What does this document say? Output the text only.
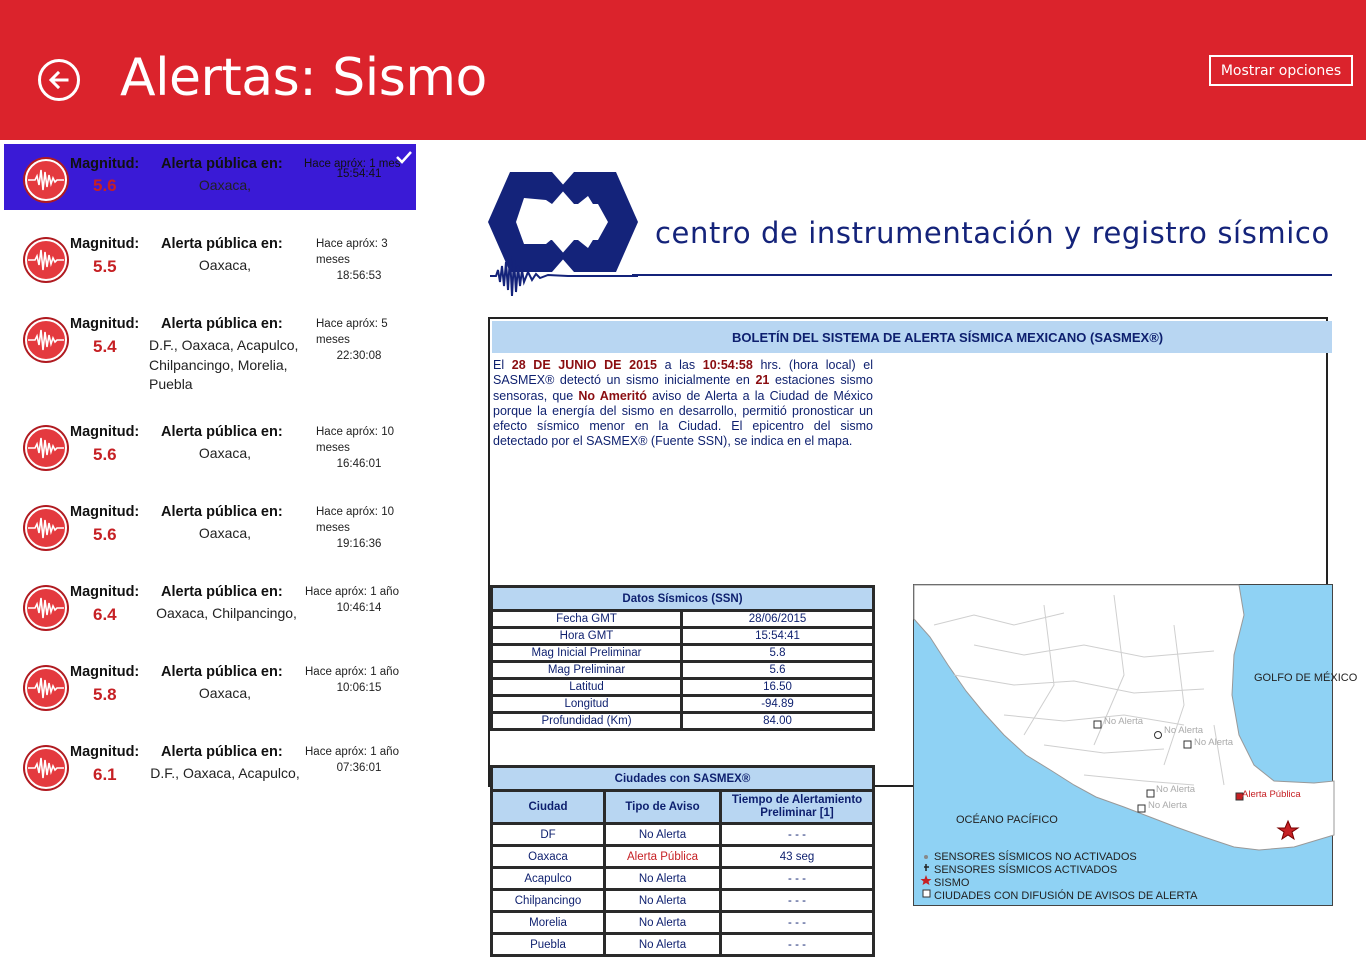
Alertas: Sismo	Mostrar opciones
Magnitud:
5.6
Alerta pública en:
Oaxaca,
Hace apróx: 1 mes
15:54:41
Magnitud:
5.5
Alerta pública en:
Oaxaca,
Hace apróx: 3 meses
18:56:53
Magnitud:
5.4
Alerta pública en:
D.F., Oaxaca, Acapulco, Chilpancingo, Morelia, Puebla
Hace apróx: 5 meses
22:30:08
Magnitud:
5.6
Alerta pública en:
Oaxaca,
Hace apróx: 10 meses
16:46:01
Magnitud:
5.6
Alerta pública en:
Oaxaca,
Hace apróx: 10 meses
19:16:36
Magnitud:
6.4
Alerta pública en:
Oaxaca, Chilpancingo,
Hace apróx: 1 año
10:46:14
Magnitud:
5.8
Alerta pública en:
Oaxaca,
Hace apróx: 1 año
10:06:15
Magnitud:
6.1
Alerta pública en:
D.F., Oaxaca, Acapulco,
Hace apróx: 1 año
07:36:01
centro de instrumentación y registro sísmico
BOLETÍN DEL SISTEMA DE ALERTA SÍSMICA MEXICANO (SASMEX®)
El 28 DE JUNIO DE 2015 a las 10:54:58 hrs. (hora local) el SASMEX® detectó un sismo inicialmente en 21 estaciones sismo sensoras, que No Ameritó aviso de Alerta a la Ciudad de México porque la energía del sismo en desarrollo, permitió pronosticar un efecto sísmico menor en la Ciudad. El epicentro del sismo detectado por el SASMEX® (Fuente SSN), se indica en el mapa.
Datos Sísmicos (SSN)	
Fecha GMT	28/06/2015
Hora GMT	15:54:41
Mag Inicial Preliminar	5.8
Mag Preliminar	5.6
Latitud	16.50
Longitud	-94.89
Profundidad (Km)	84.00
Ciudades con SASMEX®		
Ciudad	Tipo de Aviso	Tiempo de Alertamiento Preliminar [1]
DF	No Alerta	- - -
Oaxaca	Alerta Pública	43 seg
Acapulco	No Alerta	- - -
Chilpancingo	No Alerta	- - -
Morelia	No Alerta	- - -
Puebla	No Alerta	- - -
GOLFO DE MÉXICO
OCÉANO PACÍFICO
Alerta Pública
No Alerta
No Alerta
No Alerta
No Alerta
No Alerta
SENSORES SÍSMICOS NO ACTIVADOS
SENSORES SÍSMICOS ACTIVADOS
SISMO
CIUDADES CON DIFUSIÓN DE AVISOS DE ALERTA
